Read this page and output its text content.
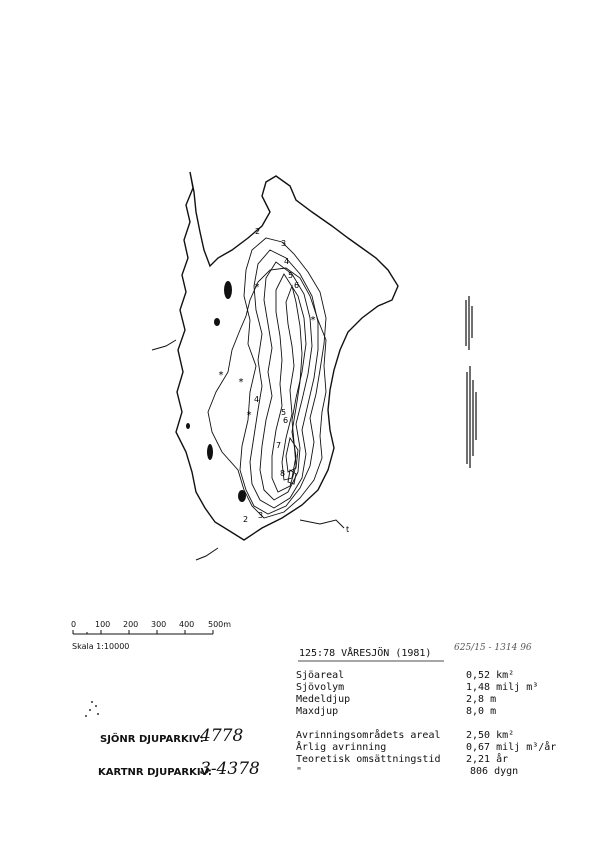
*
*
*
*
*
2
3
4
5
6
4
5
6
7
8
2 3
t
0 100 200 300 400 500m
Skala 1:10000
125:78 VÅRESJÖN (1981)	625/15 - 1314 96
Sjöareal	0,52 km²
Sjövolym	1,48 milj m³
Medeldjup	2,8 m
Maxdjup	8,0 m
Avrinningsområdets areal	2,50 km²
Årlig avrinning	0,67 milj m³/år
Teoretisk omsättningstid	2,21 år
"	806 dygn
SJÖNR DJUPARKIV:
4778
KARTNR DJUPARKIV:
3-4378
